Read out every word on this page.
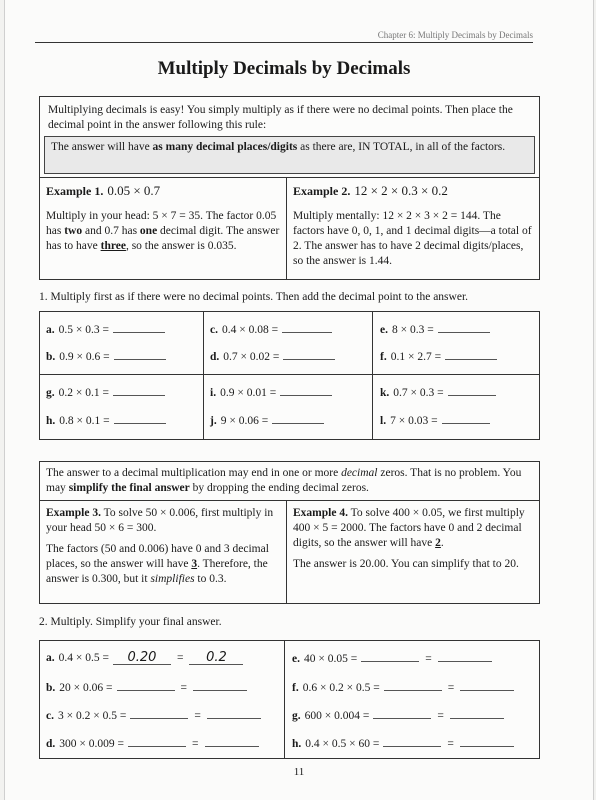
Chapter 6: Multiply Decimals by Decimals
Multiply Decimals by Decimals
Multiplying decimals is easy! You simply multiply as if there were no decimal points. Then place the decimal point in the answer following this rule:
The answer will have as many decimal places/digits as there are, IN TOTAL, in all of the factors.
Example 1. 0.05 × 0.7
Multiply in your head: 5 × 7 = 35. The factor 0.05 has two and 0.7 has one decimal digit. The answer has to have three, so the answer is 0.035.
Example 2. 12 × 2 × 0.3 × 0.2
Multiply mentally: 12 × 2 × 3 × 2 = 144. The factors have 0, 0, 1, and 1 decimal digits—a total of 2. The answer has to have 2 decimal digits/places, so the answer is 1.44.
1. Multiply first as if there were no decimal points. Then add the decimal point to the answer.
a. 0.5 × 0.3 =
b. 0.9 × 0.6 =
c. 0.4 × 0.08 =
d. 0.7 × 0.02 =
e. 8 × 0.3 =
f. 0.1 × 2.7 =
g. 0.2 × 0.1 =
h. 0.8 × 0.1 =
i. 0.9 × 0.01 =
j. 9 × 0.06 =
k. 0.7 × 0.3 =
l. 7 × 0.03 =
The answer to a decimal multiplication may end in one or more decimal zeros. That is no problem. You may simplify the final answer by dropping the ending decimal zeros.
Example 3. To solve 50 × 0.006, first multiply in your head 50 × 6 = 300.
The factors (50 and 0.006) have 0 and 3 decimal places, so the answer will have 3. Therefore, the answer is 0.300, but it simplifies to 0.3.
Example 4. To solve 400 × 0.05, we first multiply 400 × 5 = 2000. The factors have 0 and 2 decimal digits, so the answer will have 2.
The answer is 20.00. You can simplify that to 20.
2. Multiply. Simplify your final answer.
a. 0.4 × 0.5 = 0.20 = 0.2
b. 20 × 0.06 =	=
c. 3 × 0.2 × 0.5 =	=
d. 300 × 0.009 =	=
e. 40 × 0.05 =	=
f. 0.6 × 0.2 × 0.5 =	=
g. 600 × 0.004 =	=
h. 0.4 × 0.5 × 60 =	=
11
